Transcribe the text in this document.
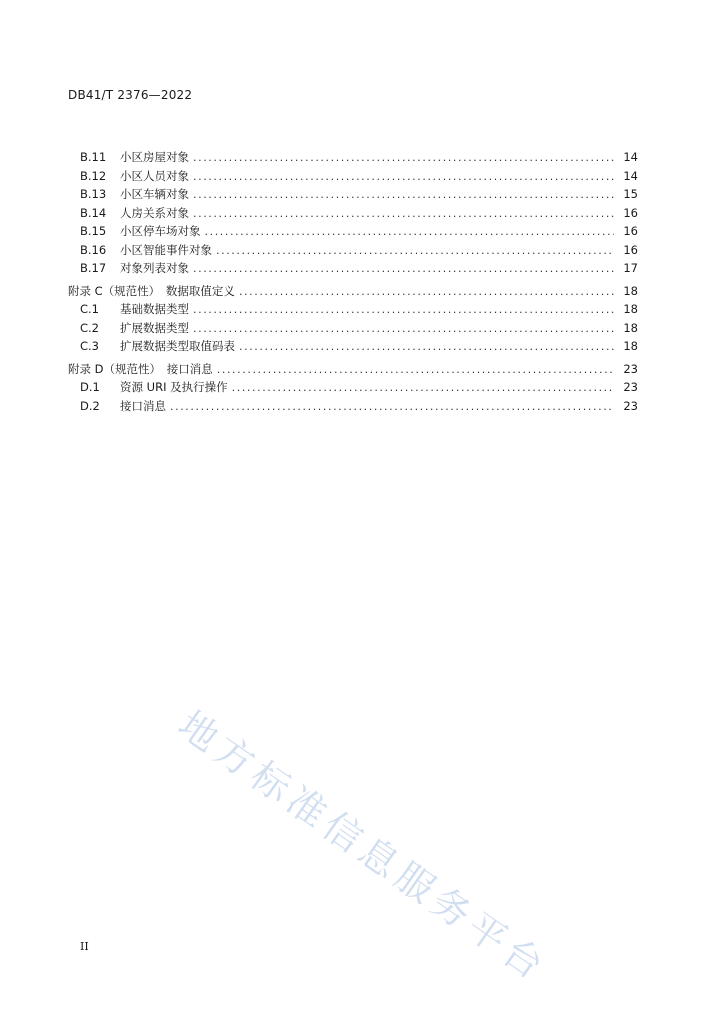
DB41/T 2376—2022
B.11	小区房屋对象 .....	14
B.12	小区人员对象 .....	14
B.13	小区车辆对象 .....	15
B.14	人房关系对象 .....	16
B.15	小区停车场对象 .....	16
B.16	小区智能事件对象 .....	16
B.17	对象列表对象 .....	17
附录 C（规范性）　数据取值定义 .....	18
C.1	基础数据类型 .....	18
C.2	扩展数据类型 .....	18
C.3	扩展数据类型取值码表 .....	18
附录 D（规范性）　接口消息 .....	23
D.1	资源 URI 及执行操作 .....	23
D.2	接口消息 .....	23
地方标准信息服务平台
II
